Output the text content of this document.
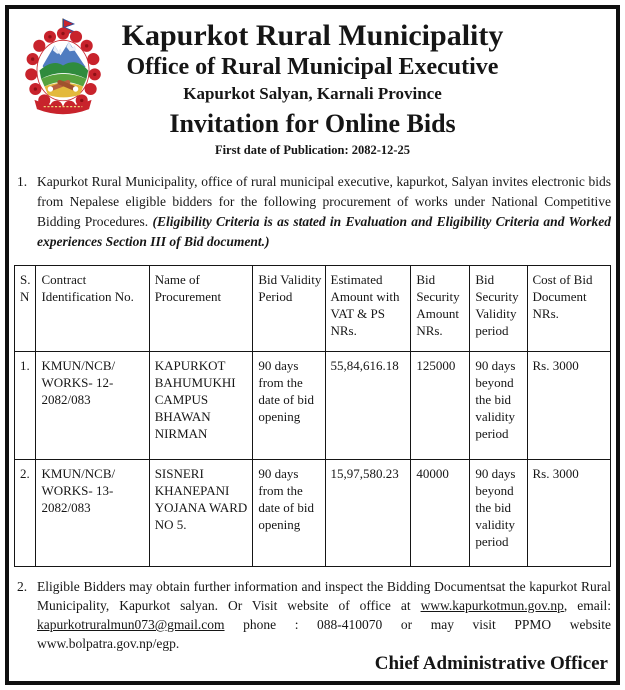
Kapurkot Rural Municipality
Office of Rural Municipal Executive
Kapurkot Salyan, Karnali Province
Invitation for Online Bids
First date of Publication: 2082-12-25
1. Kapurkot Rural Municipality, office of rural municipal executive, kapurkot, Salyan invites electronic bids from Nepalese eligible bidders for the following procurement of works under National Competitive Bidding Procedures. (Eligibility Criteria is as stated in Evaluation and Eligibility Criteria and Worked experiences Section III of Bid document.)
S. N	Contract Identification No.	Name of Procurement	Bid Validity Period	Estimated Amount with VAT & PS NRs.	Bid Security Amount NRs.	Bid Security Validity period	Cost of Bid Document NRs.
1.	KMUN/NCB/ WORKS- 12-2082/083	KAPURKOT BAHUMUKHI CAMPUS BHAWAN NIRMAN	90 days from the date of bid opening	55,84,616.18	125000	90 days beyond the bid validity period	Rs. 3000
2.	KMUN/NCB/ WORKS- 13-2082/083	SISNERI KHANEPANI YOJANA WARD NO 5.	90 days from the date of bid opening	15,97,580.23	40000	90 days beyond the bid validity period	Rs. 3000
2. Eligible Bidders may obtain further information and inspect the Bidding Documentsat the kapurkot Rural Municipality, Kapurkot salyan. Or Visit website of office at www.kapurkotmun.gov.np, email: kapurkotruralmun073@gmail.com phone : 088-410070 or may visit PPMO website www.bolpatra.gov.np/egp.
Chief Administrative Officer
